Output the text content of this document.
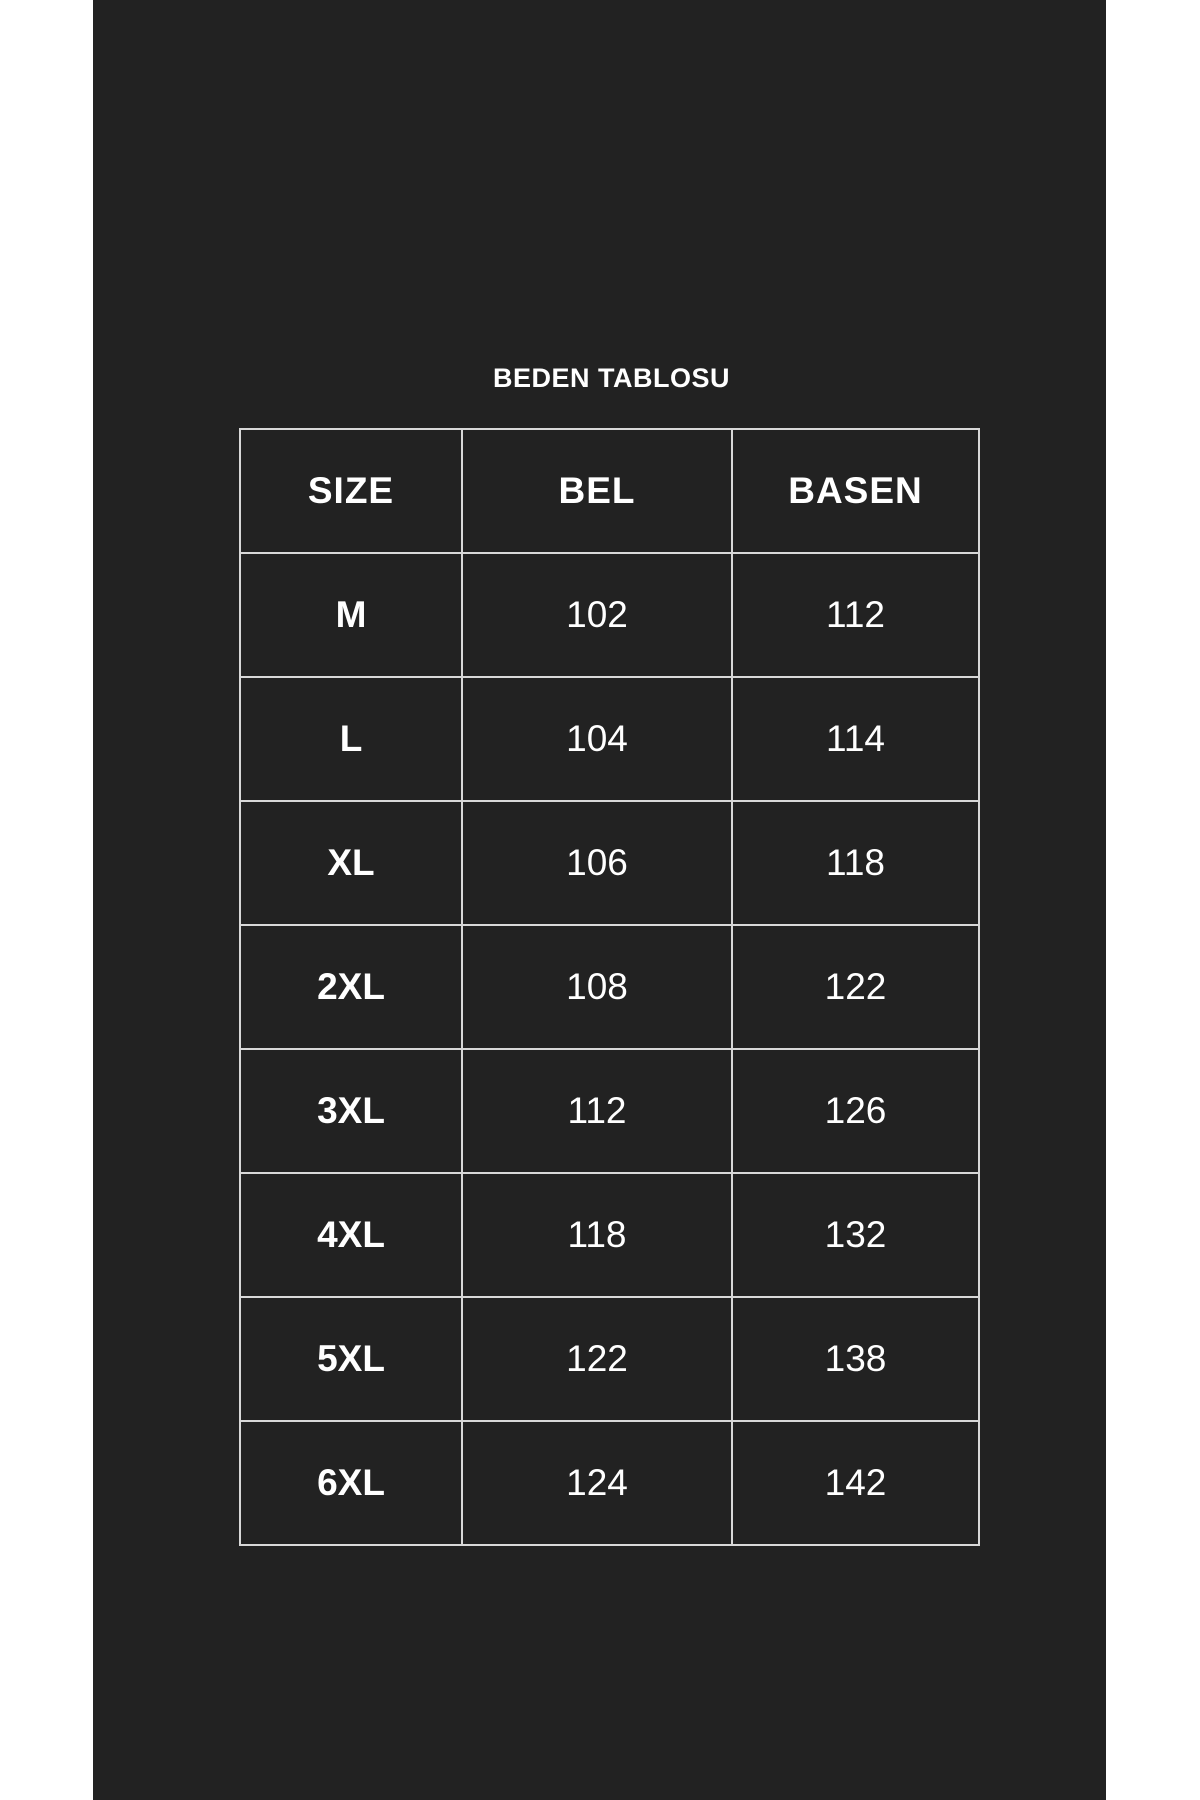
BEDEN TABLOSU
SIZE	BEL	BASEN
M	102	112
L	104	114
XL	106	118
2XL	108	122
3XL	112	126
4XL	118	132
5XL	122	138
6XL	124	142
